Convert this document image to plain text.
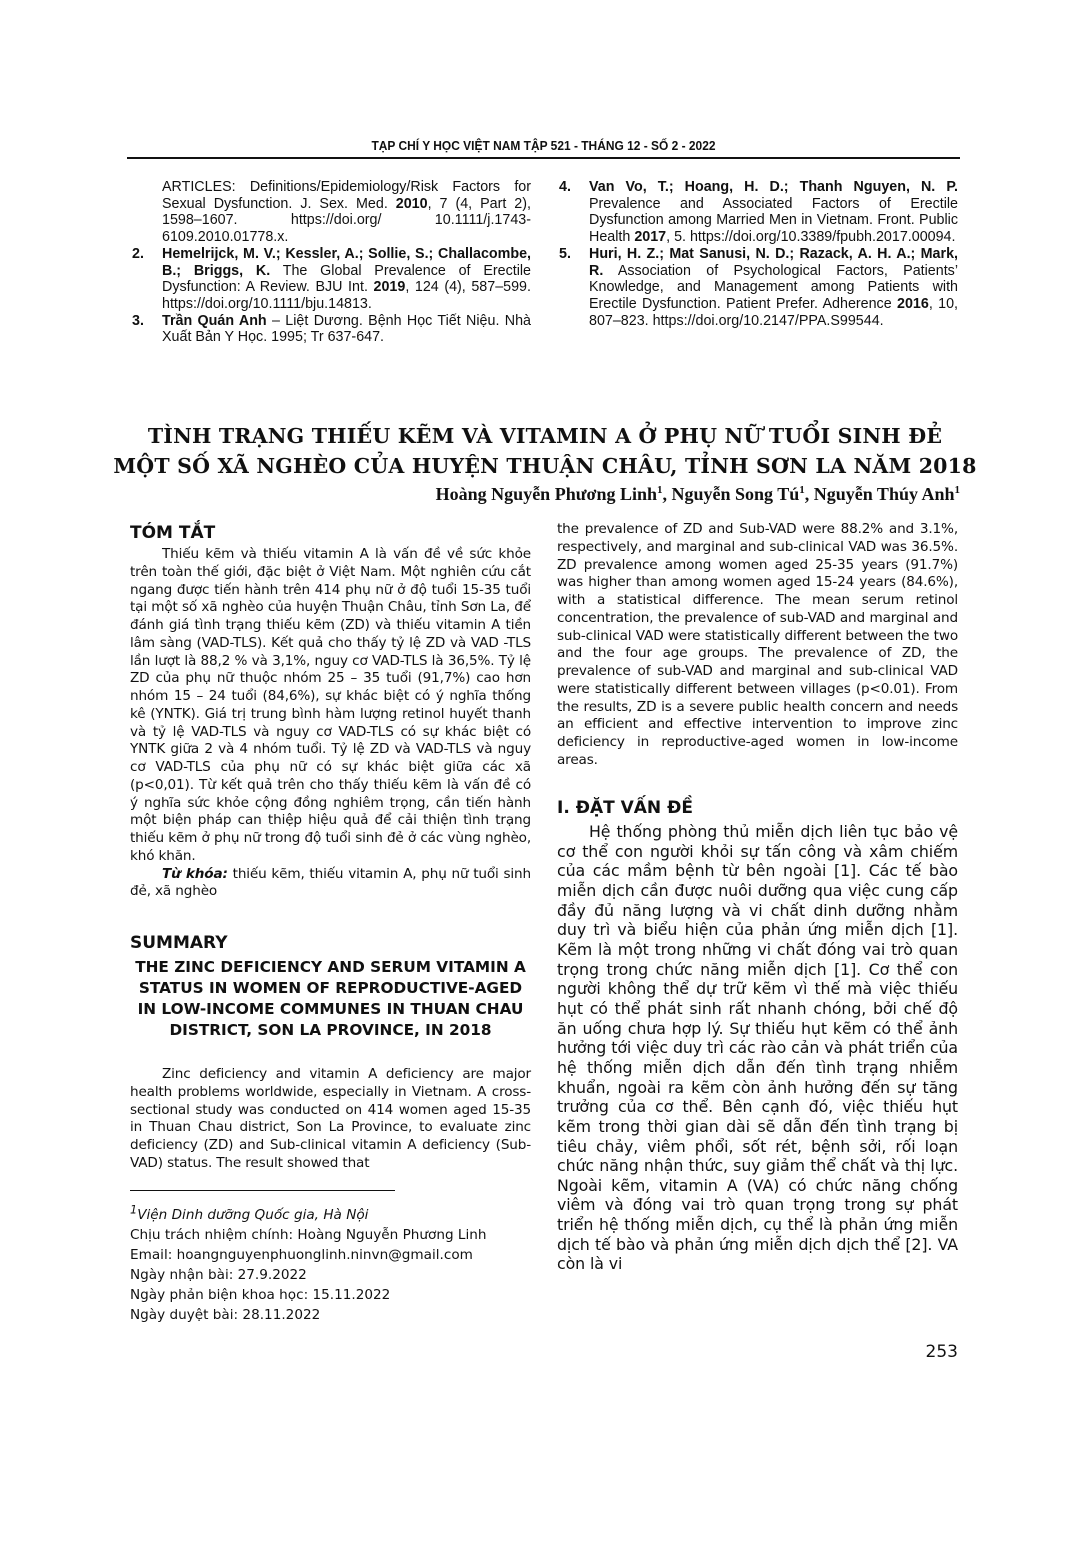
TẠP CHÍ Y HỌC VIỆT NAM TẬP 521 - THÁNG 12 - SỐ 2 - 2022
ARTICLES: Definitions/Epidemiology/Risk Factors for Sexual Dysfunction. J. Sex. Med. 2010, 7 (4, Part 2), 1598–1607. https://doi.org/ 10.1111/j.1743-6109.2010.01778.x.
2. Hemelrijck, M. V.; Kessler, A.; Sollie, S.; Challacombe, B.; Briggs, K. The Global Prevalence of Erectile Dysfunction: A Review. BJU Int. 2019, 124 (4), 587–599. https://doi.org/10.1111/bju.14813.
3. Trần Quán Anh – Liệt Dương. Bệnh Học Tiết Niệu. Nhà Xuất Bản Y Học. 1995; Tr 637-647.
4. Van Vo, T.; Hoang, H. D.; Thanh Nguyen, N. P. Prevalence and Associated Factors of Erectile Dysfunction among Married Men in Vietnam. Front. Public Health 2017, 5. https://doi.org/10.3389/fpubh.2017.00094.
5. Huri, H. Z.; Mat Sanusi, N. D.; Razack, A. H. A.; Mark, R. Association of Psychological Factors, Patients’ Knowledge, and Management among Patients with Erectile Dysfunction. Patient Prefer. Adherence 2016, 10, 807–823. https://doi.org/10.2147/PPA.S99544.
TÌNH TRẠNG THIẾU KẼM VÀ VITAMIN A Ở PHỤ NỮ TUỔI SINH ĐẺ
MỘT SỐ XÃ NGHÈO CỦA HUYỆN THUẬN CHÂU, TỈNH SƠN LA NĂM 2018
Hoàng Nguyễn Phương Linh$^1$, Nguyễn Song $Tú^1$, Nguyễn Thúy Anh$^1$
TÓM TẮT
Thiếu kẽm và thiếu vitamin A là vấn đề về sức khỏe trên toàn thế giới, đặc biệt ở Việt Nam. Một nghiên cứu cắt ngang được tiến hành trên 414 phụ nữ ở độ tuổi 15-35 tuổi tại một số xã nghèo của huyện Thuận Châu, tỉnh Sơn La, để đánh giá tình trạng thiếu kẽm (ZD) và thiếu vitamin A tiền lâm sàng (VAD-TLS). Kết quả cho thấy tỷ lệ ZD và VAD -TLS lần lượt là 88,2 % và 3,1%, nguy cơ VAD-TLS là 36,5%. Tỷ lệ ZD của phụ nữ thuộc nhóm 25 – 35 tuổi (91,7%) cao hơn nhóm 15 – 24 tuổi (84,6%), sự khác biệt có ý nghĩa thống kê (YNTK). Giá trị trung bình hàm lượng retinol huyết thanh và tỷ lệ VAD-TLS và nguy cơ VAD-TLS có sự khác biệt có YNTK giữa 2 và 4 nhóm tuổi. Tỷ lệ ZD và VAD-TLS và nguy cơ VAD-TLS của phụ nữ có sự khác biệt giữa các xã (p<0,01). Từ kết quả trên cho thấy thiếu kẽm là vấn đề có ý nghĩa sức khỏe cộng đồng nghiêm trọng, cần tiến hành một biện pháp can thiệp hiệu quả để cải thiện tình trạng thiếu kẽm ở phụ nữ trong độ tuổi sinh đẻ ở các vùng nghèo, khó khăn.
Từ khóa: thiếu kẽm, thiếu vitamin A, phụ nữ tuổi sinh đẻ, xã nghèo
SUMMARY
THE ZINC DEFICIENCY AND SERUM VITAMIN A STATUS IN WOMEN OF REPRODUCTIVE-AGED IN LOW-INCOME COMMUNES IN THUAN CHAU DISTRICT, SON LA PROVINCE, IN 2018
Zinc deficiency and vitamin A deficiency are major health problems worldwide, especially in Vietnam. A cross-sectional study was conducted on 414 women aged 15-35 in Thuan Chau district, Son La Province, to evaluate zinc deficiency (ZD) and Sub-clinical vitamin A deficiency (Sub-VAD) status. The result showed that
$^1$Viện Dinh dưỡng Quốc gia, Hà Nội
Chịu trách nhiệm chính: Hoàng Nguyễn Phương Linh
Email: hoangnguyenphuonglinh.ninvn@gmail.com
Ngày nhận bài: 27.9.2022
Ngày phản biện khoa học: 15.11.2022
Ngày duyệt bài: 28.11.2022
the prevalence of ZD and Sub-VAD were 88.2% and 3.1%, respectively, and marginal and sub-clinical VAD was 36.5%. ZD prevalence among women aged 25-35 years (91.7%) was higher than among women aged 15-24 years (84.6%), with a statistical difference. The mean serum retinol concentration, the prevalence of sub-VAD and marginal and sub-clinical VAD were statistically different between the two and the four age groups. The prevalence of ZD, the prevalence of sub-VAD and marginal and sub-clinical VAD were statistically different between villages (p<0.01). From the results, ZD is a severe public health concern and needs an efficient and effective intervention to improve zinc deficiency in reproductive-aged women in low-income areas.
I. ĐẶT VẤN ĐỀ
Hệ thống phòng thủ miễn dịch liên tục bảo vệ cơ thể con người khỏi sự tấn công và xâm chiếm của các mầm bệnh từ bên ngoài [1]. Các tế bào miễn dịch cần được nuôi dưỡng qua việc cung cấp đầy đủ năng lượng và vi chất dinh dưỡng nhằm duy trì và biểu hiện của phản ứng miễn dịch [1]. Kẽm là một trong những vi chất đóng vai trò quan trọng trong chức năng miễn dịch [1]. Cơ thể con người không thể dự trữ kẽm vì thế mà việc thiếu hụt có thể phát sinh rất nhanh chóng, bởi chế độ ăn uống chưa hợp lý. Sự thiếu hụt kẽm có thể ảnh hưởng tới việc duy trì các rào cản và phát triển của hệ thống miễn dịch dẫn đến tình trạng nhiễm khuẩn, ngoài ra kẽm còn ảnh hưởng đến sự tăng trưởng của cơ thể. Bên cạnh đó, việc thiếu hụt kẽm trong thời gian dài sẽ dẫn đến tình trạng bị tiêu chảy, viêm phổi, sốt rét, bệnh sởi, rối loạn chức năng nhận thức, suy giảm thể chất và thị lực. Ngoài kẽm, vitamin A (VA) có chức năng chống viêm và đóng vai trò quan trọng trong sự phát triển hệ thống miễn dịch, cụ thể là phản ứng miễn dịch tế bào và phản ứng miễn dịch dịch thể [2]. VA còn là vi
253
